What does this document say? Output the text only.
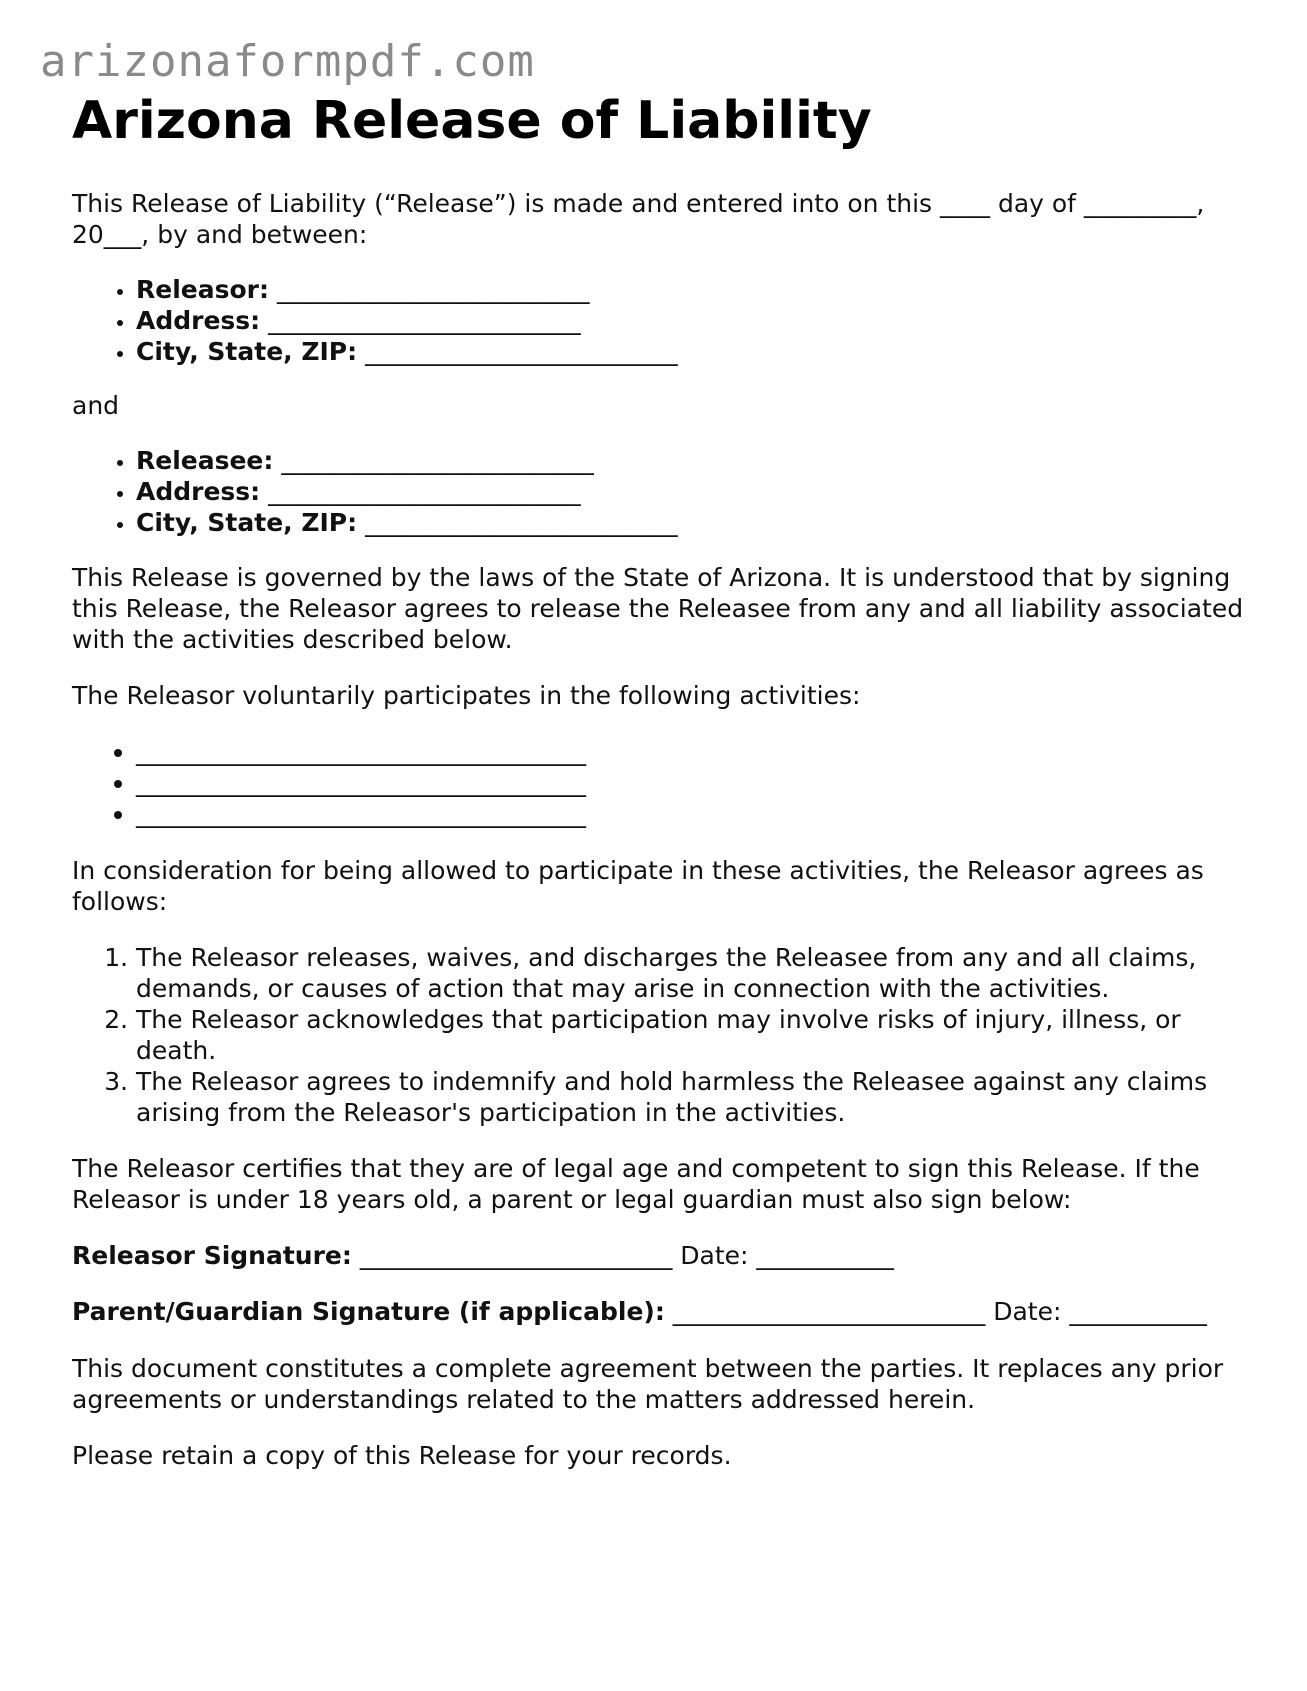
arizonaformpdf.com
Arizona Release of Liability

This Release of Liability (“Release”) is made and entered into on this ____ day of _________, 20___, by and between:

• Releasor: _________________________
• Address: _________________________
• City, State, ZIP: _________________________

and

• Releasee: _________________________
• Address: _________________________
• City, State, ZIP: _________________________

This Release is governed by the laws of the State of Arizona. It is understood that by signing this Release, the Releasor agrees to release the Releasee from any and all liability associated with the activities described below.

The Releasor voluntarily participates in the following activities:

• ____________________________________
• ____________________________________
• ____________________________________

In consideration for being allowed to participate in these activities, the Releasor agrees as follows:

1. The Releasor releases, waives, and discharges the Releasee from any and all claims, demands, or causes of action that may arise in connection with the activities.
2. The Releasor acknowledges that participation may involve risks of injury, illness, or death.
3. The Releasor agrees to indemnify and hold harmless the Releasee against any claims arising from the Releasor's participation in the activities.

The Releasor certifies that they are of legal age and competent to sign this Release. If the Releasor is under 18 years old, a parent or legal guardian must also sign below:

Releasor Signature: _________________________ Date: ___________

Parent/Guardian Signature (if applicable): _________________________ Date: ___________

This document constitutes a complete agreement between the parties. It replaces any prior agreements or understandings related to the matters addressed herein.

Please retain a copy of this Release for your records.
